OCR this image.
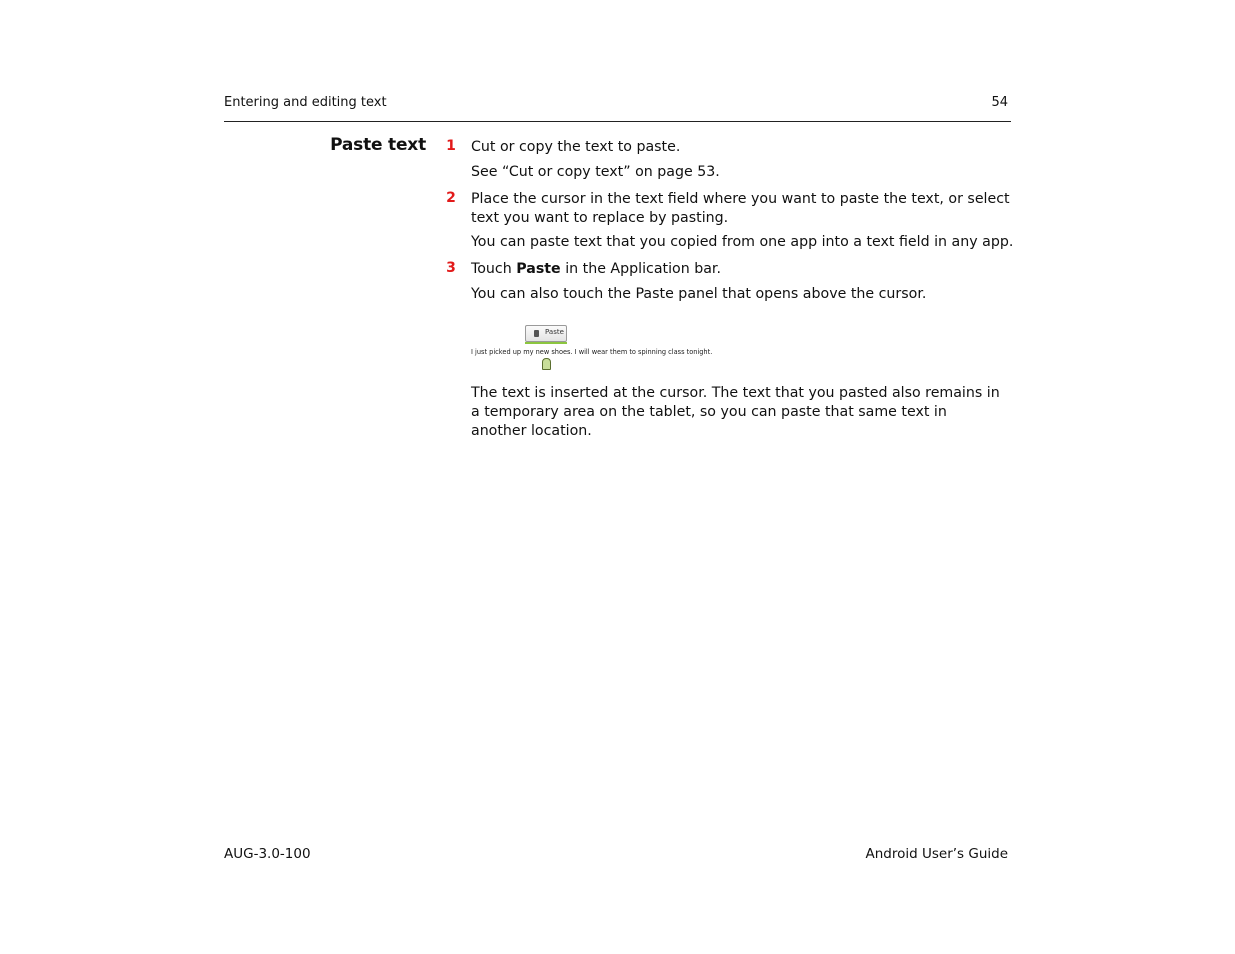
Entering and editing text	54
Paste text 1 Cut or copy the text to paste.
See “Cut or copy text” on page 53.
2 Place the cursor in the text field where you want to paste the text, or select text you want to replace by pasting.
You can paste text that you copied from one app into a text field in any app.
3 Touch Paste in the Application bar.
You can also touch the Paste panel that opens above the cursor.
Paste
I just picked up my new shoes. I will wear them to spinning class tonight.
The text is inserted at the cursor. The text that you pasted also remains in a temporary area on the tablet, so you can paste that same text in another location.
AUG-3.0-100	Android User’s Guide
